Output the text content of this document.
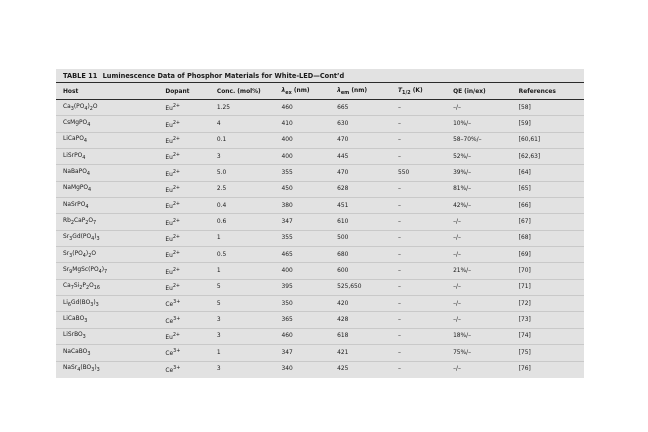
TABLE 11 Luminescence Data of Phosphor Materials for White-LED—Cont’d
Host	Dopant	Conc. (mol%)	$\lambda_{ex}$ (nm)	$\lambda_{em}$ (nm)	$T_{1/2}$ (K)	QE (in/ex)	References
$Ca_3(PO_4)_2O$	$Eu^{2+}$	1.25	460	665	–	–/–	[58]
CsMgPO$_4$	$Eu^{2+}$	4	410	630	–	10%/–	[59]
LiCaPO$_4$	$Eu^{2+}$	0.1	400	470	–	58–70%/–	[60,61]
LiSrPO$_4$	$Eu^{2+}$	3	400	445	–	52%/–	[62,63]
NaBaPO$_4$	$Eu^{2+}$	5.0	355	470	550	39%/–	[64]
NaMgPO$_4$	$Eu^{2+}$	2.5	450	628	–	81%/–	[65]
NaSrPO$_4$	$Eu^{2+}$	0.4	380	451	–	42%/–	[66]
$Rb_2CaP_2O_7$	$Eu^{2+}$	0.6	347	610	–	–/–	[67]
$Sr_3Gd(PO_4)_3$	$Eu^{2+}$	1	355	500	–	–/–	[68]
$Sr_3(PO_4)_2O$	$Eu^{2+}$	0.5	465	680	–	–/–	[69]
$Sr_9MgSc(PO_4)_7$	$Eu^{2+}$	1	400	600	–	21%/–	[70]
$Ca_7Si_2P_2O_{16}$	$Eu^{2+}$	5	395	525,650	–	–/–	[71]
$Li_6Gd(BO_3)_3$	$Ce^{3+}$	5	350	420	–	–/–	[72]
LiCaBO$_3$	$Ce^{3+}$	3	365	428	–	–/–	[73]
LiSrBO$_3$	$Eu^{2+}$	3	460	618	–	18%/–	[74]
NaCaBO$_3$	$Ce^{3+}$	1	347	421	–	75%/–	[75]
$NaSr_4(BO_3)_3$	$Ce^{3+}$	3	340	425	–	–/–	[76]
